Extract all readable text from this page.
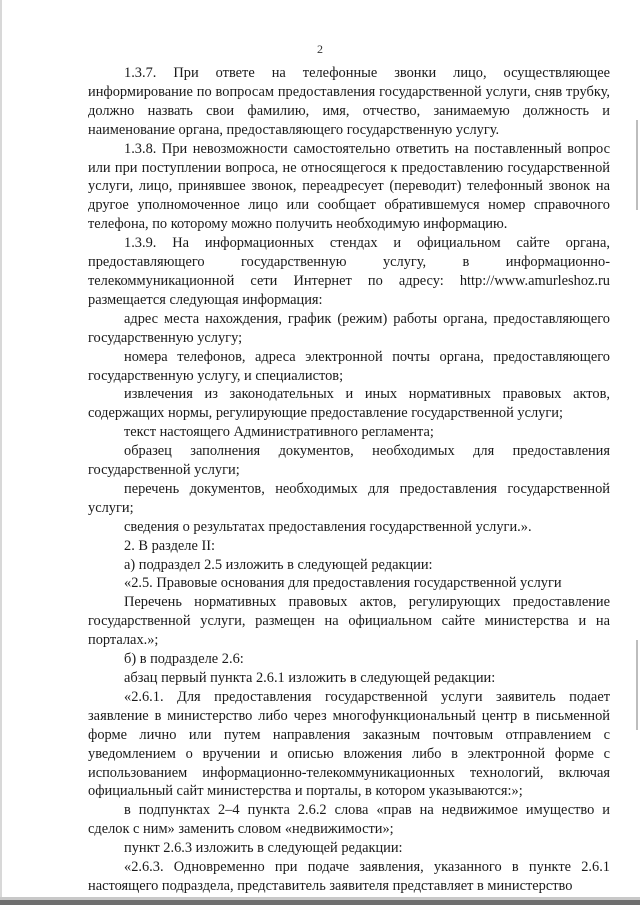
2

1.3.7. При ответе на телефонные звонки лицо, осуществляющее информирование по вопросам предоставления государственной услуги, сняв трубку, должно назвать свои фамилию, имя, отчество, занимаемую должность и наименование органа, предоставляющего государственную услугу.

1.3.8. При невозможности самостоятельно ответить на поставленный вопрос или при поступлении вопроса, не относящегося к предоставлению государственной услуги, лицо, принявшее звонок, переадресует (переводит) телефонный звонок на другое уполномоченное лицо или сообщает обратившемуся номер справочного телефона, по которому можно получить необходимую информацию.

1.3.9. На информационных стендах и официальном сайте органа, предоставляющего государственную услугу, в информационно-телекоммуникационной сети Интернет по адресу: http://www.amurleshoz.ru размещается следующая информация:

адрес места нахождения, график (режим) работы органа, предоставляющего государственную услугу;

номера телефонов, адреса электронной почты органа, предоставляющего государственную услугу, и специалистов;

извлечения из законодательных и иных нормативных правовых актов, содержащих нормы, регулирующие предоставление государственной услуги;

текст настоящего Административного регламента;

образец заполнения документов, необходимых для предоставления государственной услуги;

перечень документов, необходимых для предоставления государственной услуги;

сведения о результатах предоставления государственной услуги.».

2. В разделе II:

а) подраздел 2.5 изложить в следующей редакции:

«2.5. Правовые основания для предоставления государственной услуги

Перечень нормативных правовых актов, регулирующих предоставление государственной услуги, размещен на официальном сайте министерства и на порталах.»;

б) в подразделе 2.6:

абзац первый пункта 2.6.1 изложить в следующей редакции:

«2.6.1. Для предоставления государственной услуги заявитель подает заявление в министерство либо через многофункциональный центр в письменной форме лично или путем направления заказным почтовым отправлением с уведомлением о вручении и описью вложения либо в электронной форме с использованием информационно-телекоммуникационных технологий, включая официальный сайт министерства и порталы, в котором указываются:»;

в подпунктах 2–4 пункта 2.6.2 слова «прав на недвижимое имущество и сделок с ним» заменить словом «недвижимости»;

пункт 2.6.3 изложить в следующей редакции:

«2.6.3. Одновременно при подаче заявления, указанного в пункте 2.6.1 настоящего подраздела, представитель заявителя представляет в министерство
